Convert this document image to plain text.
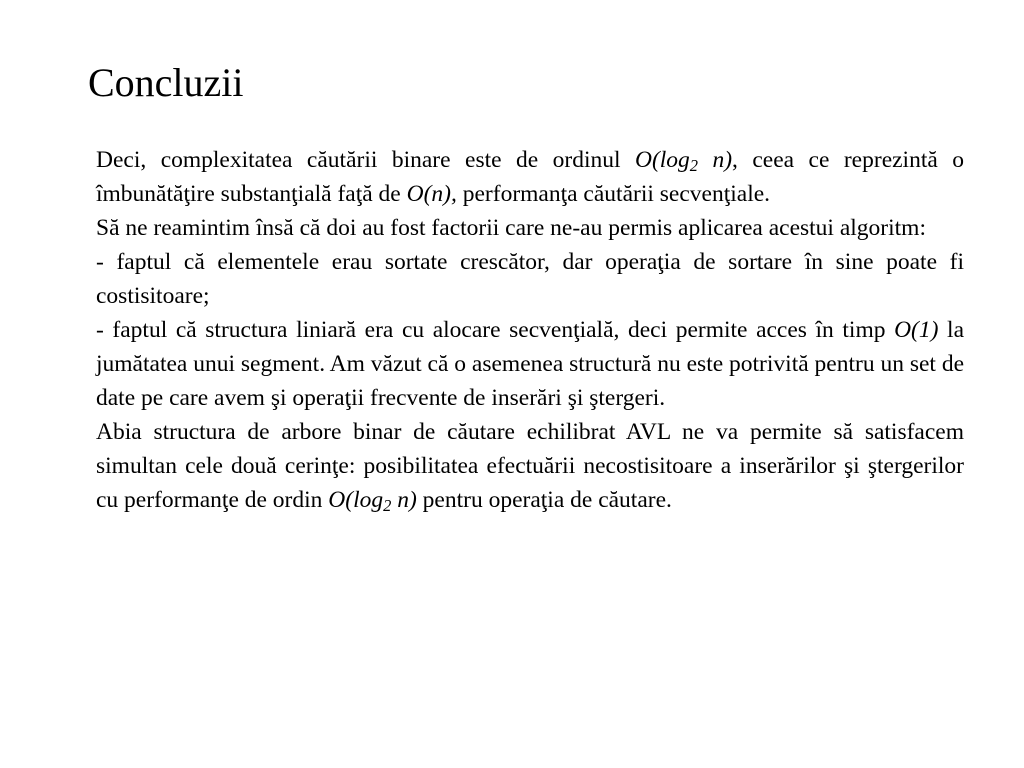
Concluzii

Deci, complexitatea căutării binare este de ordinul $O(\log_2$ n), ceea ce reprezintă o îmbunătăţire substanţială faţă de O(n), performanţa căutării secvenţiale.

Să ne reamintim însă că doi au fost factorii care ne-au permis aplicarea acestui algoritm:

- faptul că elementele erau sortate crescător, dar operaţia de sortare în sine poate fi costisitoare;

- faptul că structura liniară era cu alocare secvenţială, deci permite acces în timp O(1) la jumătatea unui segment. Am văzut că o asemenea structură nu este potrivită pentru un set de date pe care avem şi operaţii frecvente de inserări şi ştergeri.

Abia structura de arbore binar de căutare echilibrat AVL ne va permite să satisfacem simultan cele două cerinţe: posibilitatea efectuării necostisitoare a inserărilor şi ştergerilor cu performanţe de ordin $O(\log_2$ n) pentru operaţia de căutare.
